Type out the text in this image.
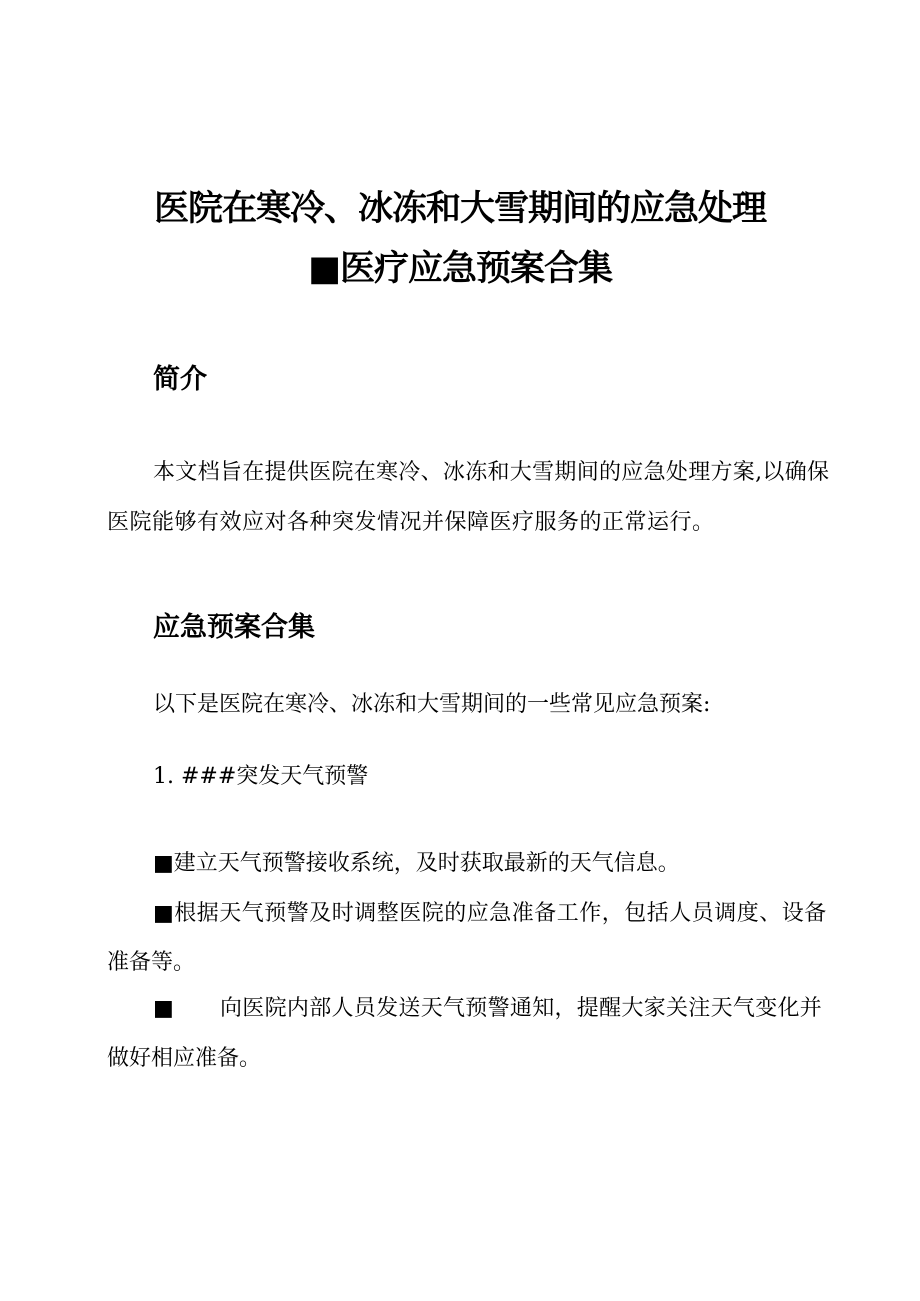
医院在寒冷、冰冻和大雪期间的应急处理
■医疗应急预案合集
简介

本文档旨在提供医院在寒冷、冰冻和大雪期间的应急处理方案,以确保

医院能够有效应对各种突发情况并保障医疗服务的正常运行。

应急预案合集

以下是医院在寒冷、冰冻和大雪期间的一些常见应急预案:

1. ###突发天气预警

■建立天气预警接收系统，及时获取最新的天气信息。

■根据天气预警及时调整医院的应急准备工作，包括人员调度、设备

准备等。

■ 向医院内部人员发送天气预警通知，提醒大家关注天气变化并

做好相应准备。
